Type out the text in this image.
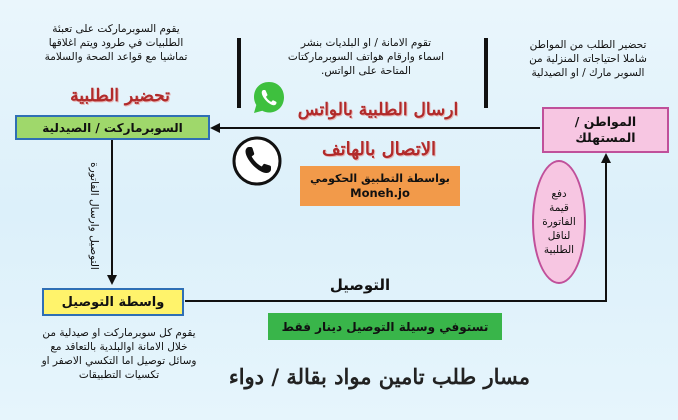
تحضير الطلب من المواطن
شاملا احتياجاته المنزلية من
السوبر مارك / او الصيدلية
تقوم الامانة / او البلديات بنشر
اسماء وارقام هواتف السوبرماركتات
المتاحة على الواتس.
يقوم السوبرماركت على تعبئة
الطلبيات في طرود ويتم اغلاقها
تماشيا مع قواعد الصحة والسلامة
تحضير الطلبية
ارسال الطلبية بالواتس
السوبرماركت / الصيدلية	المواطن /
المستهلك
الاتصال بالهاتف
بواسطة التطبيق الحكومي
Moneh.jo
التوصيل وارسال الفاتورة	دفع
قيمة
الفاتورة
لناقل
الطلبية
واسطة التوصيل
التوصيل
تستوفي وسيلة التوصيل دينار فقط
يقوم كل سوبرماركت او صيدلية من
خلال الامانة اوالبلدية بالتعاقد مع
وسائل توصيل اما التكسي الاصفر او
تكسيات التطبيقات	مسار طلب تامين مواد بقالة / دواء
